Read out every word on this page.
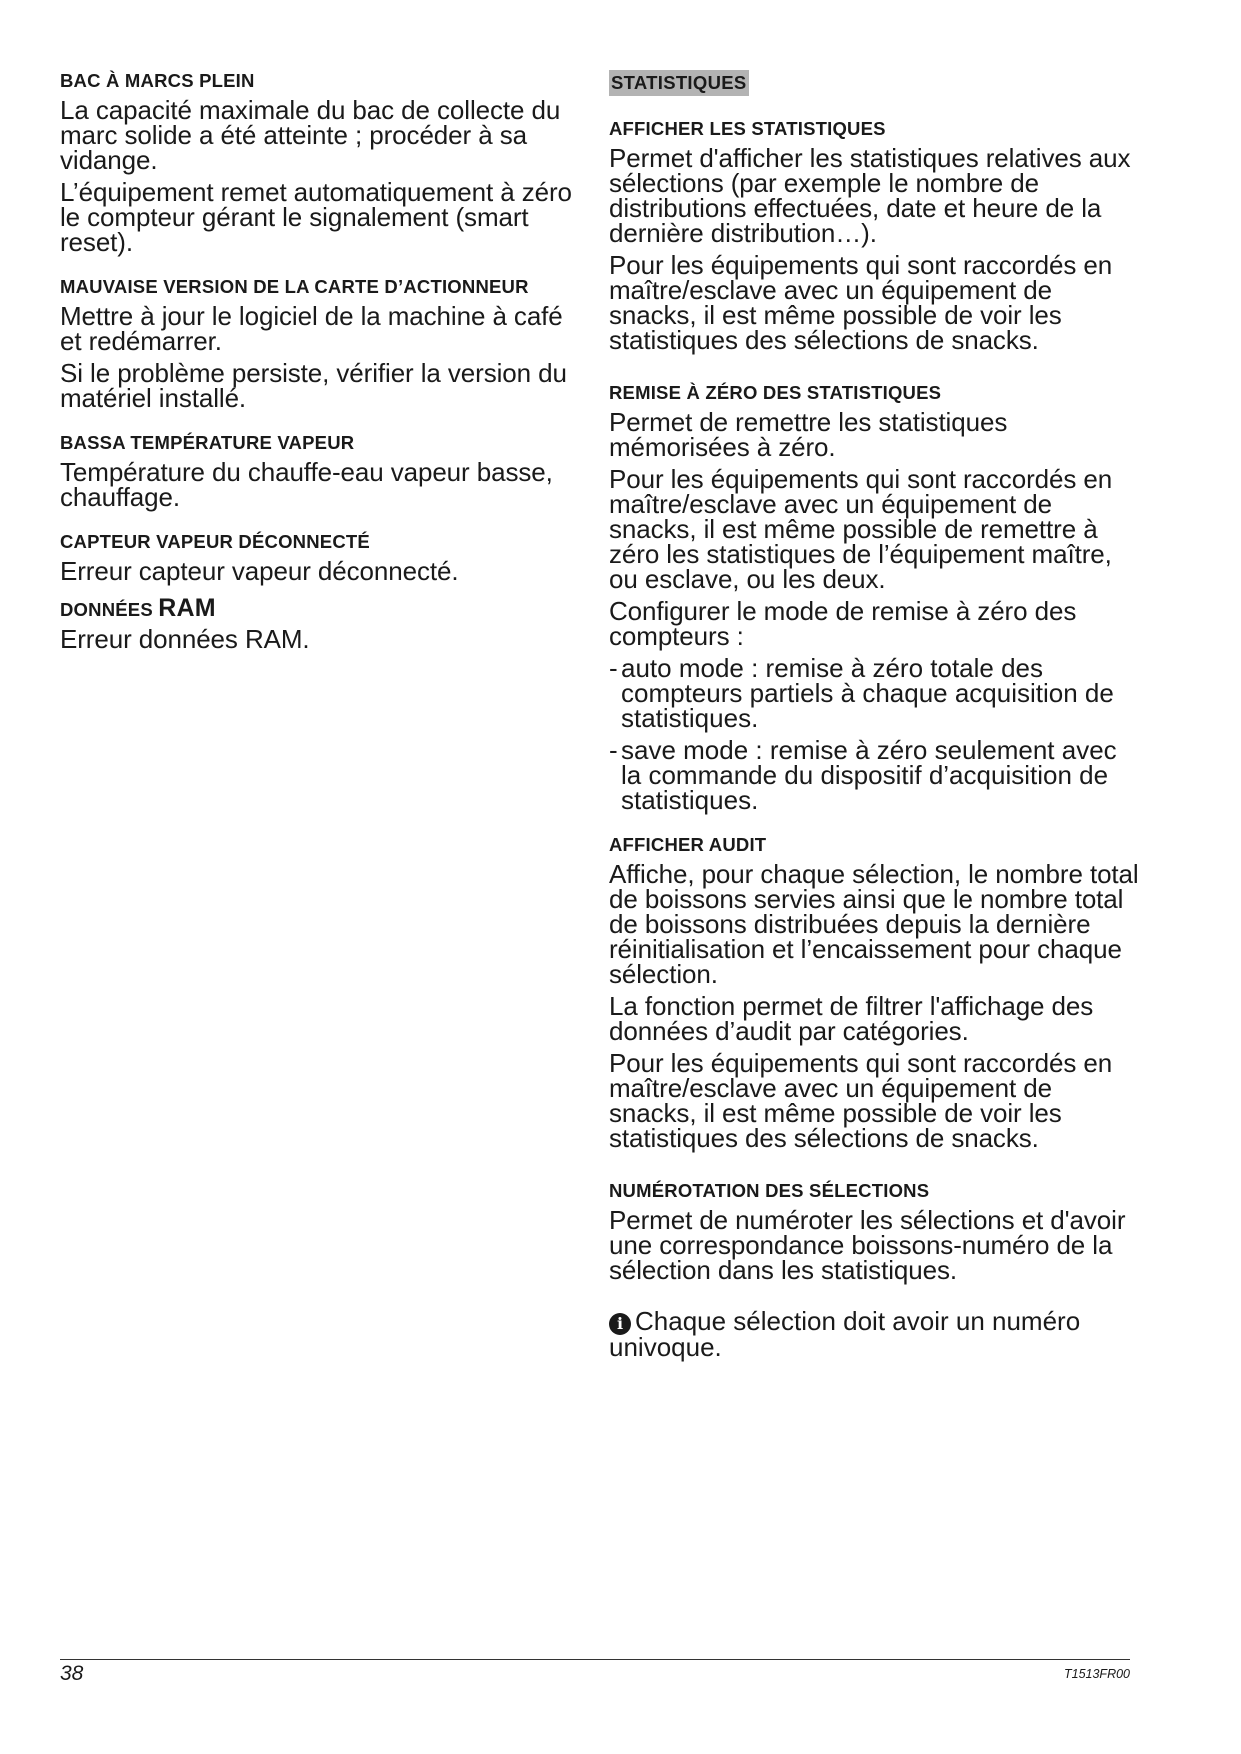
BAC À MARCS PLEIN

La capacité maximale du bac de collecte du marc solide a été atteinte ; procéder à sa vidange.

L’équipement remet automatiquement à zéro le compteur gérant le signalement (smart reset).

MAUVAISE VERSION DE LA CARTE D’ACTIONNEUR

Mettre à jour le logiciel de la machine à café et redémarrer.

Si le problème persiste, vérifier la version du matériel installé.

BASSA TEMPÉRATURE VAPEUR

Température du chauffe-eau vapeur basse, chauffage.

CAPTEUR VAPEUR DÉCONNECTÉ

Erreur capteur vapeur déconnecté.

DONNÉES RAM

Erreur données RAM.

STATISTIQUES

AFFICHER LES STATISTIQUES

Permet d'afficher les statistiques relatives aux sélections (par exemple le nombre de distributions effectuées, date et heure de la dernière distribution…).

Pour les équipements qui sont raccordés en maître/esclave avec un équipement de snacks, il est même possible de voir les statistiques des sélections de snacks.

REMISE À ZÉRO DES STATISTIQUES

Permet de remettre les statistiques mémorisées à zéro.

Pour les équipements qui sont raccordés en maître/esclave avec un équipement de snacks, il est même possible de remettre à zéro les statistiques de l’équipement maître, ou esclave, ou les deux.

Configurer le mode de remise à zéro des compteurs :

- auto mode : remise à zéro totale des compteurs partiels à chaque acquisition de statistiques.
- save mode : remise à zéro seulement avec la commande du dispositif d’acquisition de statistiques.

AFFICHER AUDIT

Affiche, pour chaque sélection, le nombre total de boissons servies ainsi que le nombre total de boissons distribuées depuis la dernière réinitialisation et l’encaissement pour chaque sélection.

La fonction permet de filtrer l'affichage des données d’audit par catégories.

Pour les équipements qui sont raccordés en maître/esclave avec un équipement de snacks, il est même possible de voir les statistiques des sélections de snacks.

NUMÉROTATION DES SÉLECTIONS

Permet de numéroter les sélections et d'avoir une correspondance boissons-numéro de la sélection dans les statistiques.

i Chaque sélection doit avoir un numéro univoque.

38	T1513FR00
